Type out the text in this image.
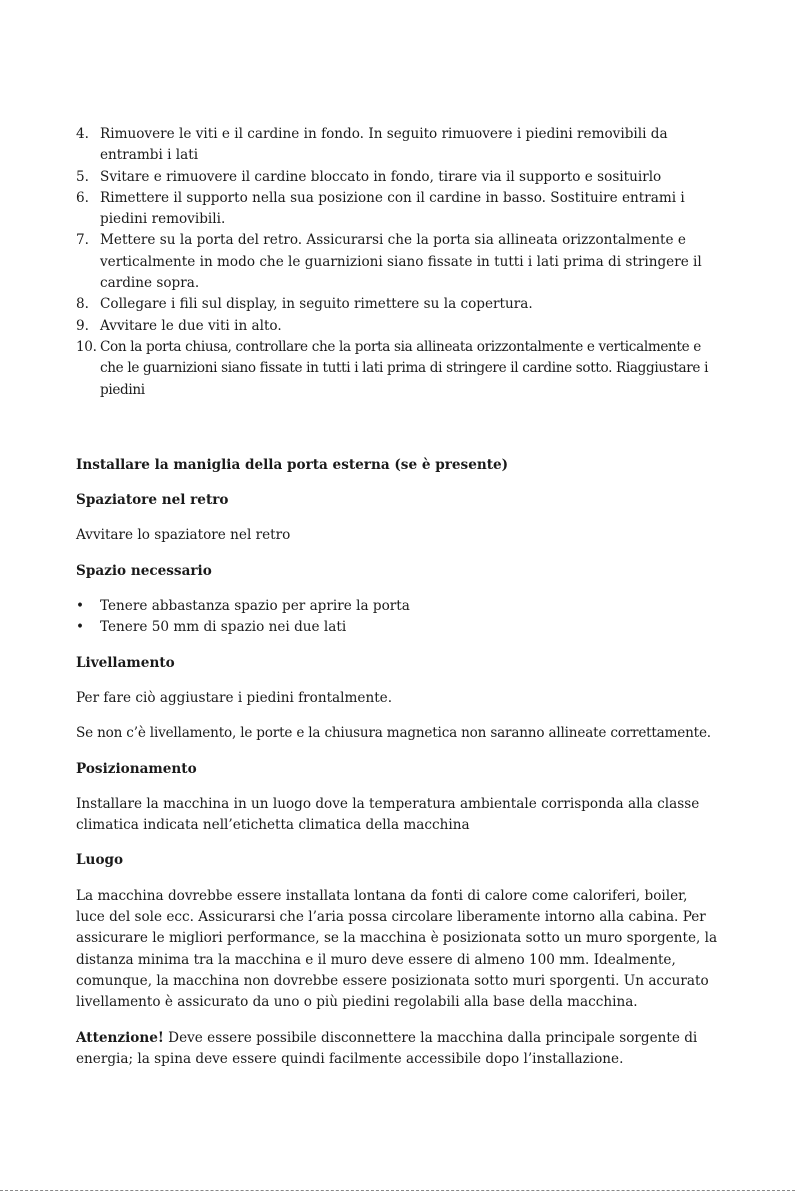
4. Rimuovere le viti e il cardine in fondo. In seguito rimuovere i piedini removibili da entrambi i lati
5. Svitare e rimuovere il cardine bloccato in fondo, tirare via il supporto e sosituirlo
6. Rimettere il supporto nella sua posizione con il cardine in basso. Sostituire entrami i piedini removibili.
7. Mettere su la porta del retro. Assicurarsi che la porta sia allineata orizzontalmente e verticalmente in modo che le guarnizioni siano fissate in tutti i lati prima di stringere il cardine sopra.
8. Collegare i fili sul display, in seguito rimettere su la copertura.
9. Avvitare le due viti in alto.
10. Con la porta chiusa, controllare che la porta sia allineata orizzontalmente e verticalmente e che le guarnizioni siano fissate in tutti i lati prima di stringere il cardine sotto. Riaggiustare i piedini
Installare la maniglia della porta esterna (se è presente)
Spaziatore nel retro

Avvitare lo spaziatore nel retro

Spazio necessario
• Tenere abbastanza spazio per aprire la porta
• Tenere 50 mm di spazio nei due lati
Livellamento

Per fare ciò aggiustare i piedini frontalmente.

Se non c’è livellamento, le porte e la chiusura magnetica non saranno allineate correttamente.

Posizionamento

Installare la macchina in un luogo dove la temperatura ambientale corrisponda alla classe climatica indicata nell’etichetta climatica della macchina

Luogo

La macchina dovrebbe essere installata lontana da fonti di calore come caloriferi, boiler, luce del sole ecc. Assicurarsi che l’aria possa circolare liberamente intorno alla cabina. Per assicurare le migliori performance, se la macchina è posizionata sotto un muro sporgente, la distanza minima tra la macchina e il muro deve essere di almeno 100 mm. Idealmente, comunque, la macchina non dovrebbe essere posizionata sotto muri sporgenti. Un accurato livellamento è assicurato da uno o più piedini regolabili alla base della macchina.

Attenzione! Deve essere possibile disconnettere la macchina dalla principale sorgente di energia; la spina deve essere quindi facilmente accessibile dopo l’installazione.
